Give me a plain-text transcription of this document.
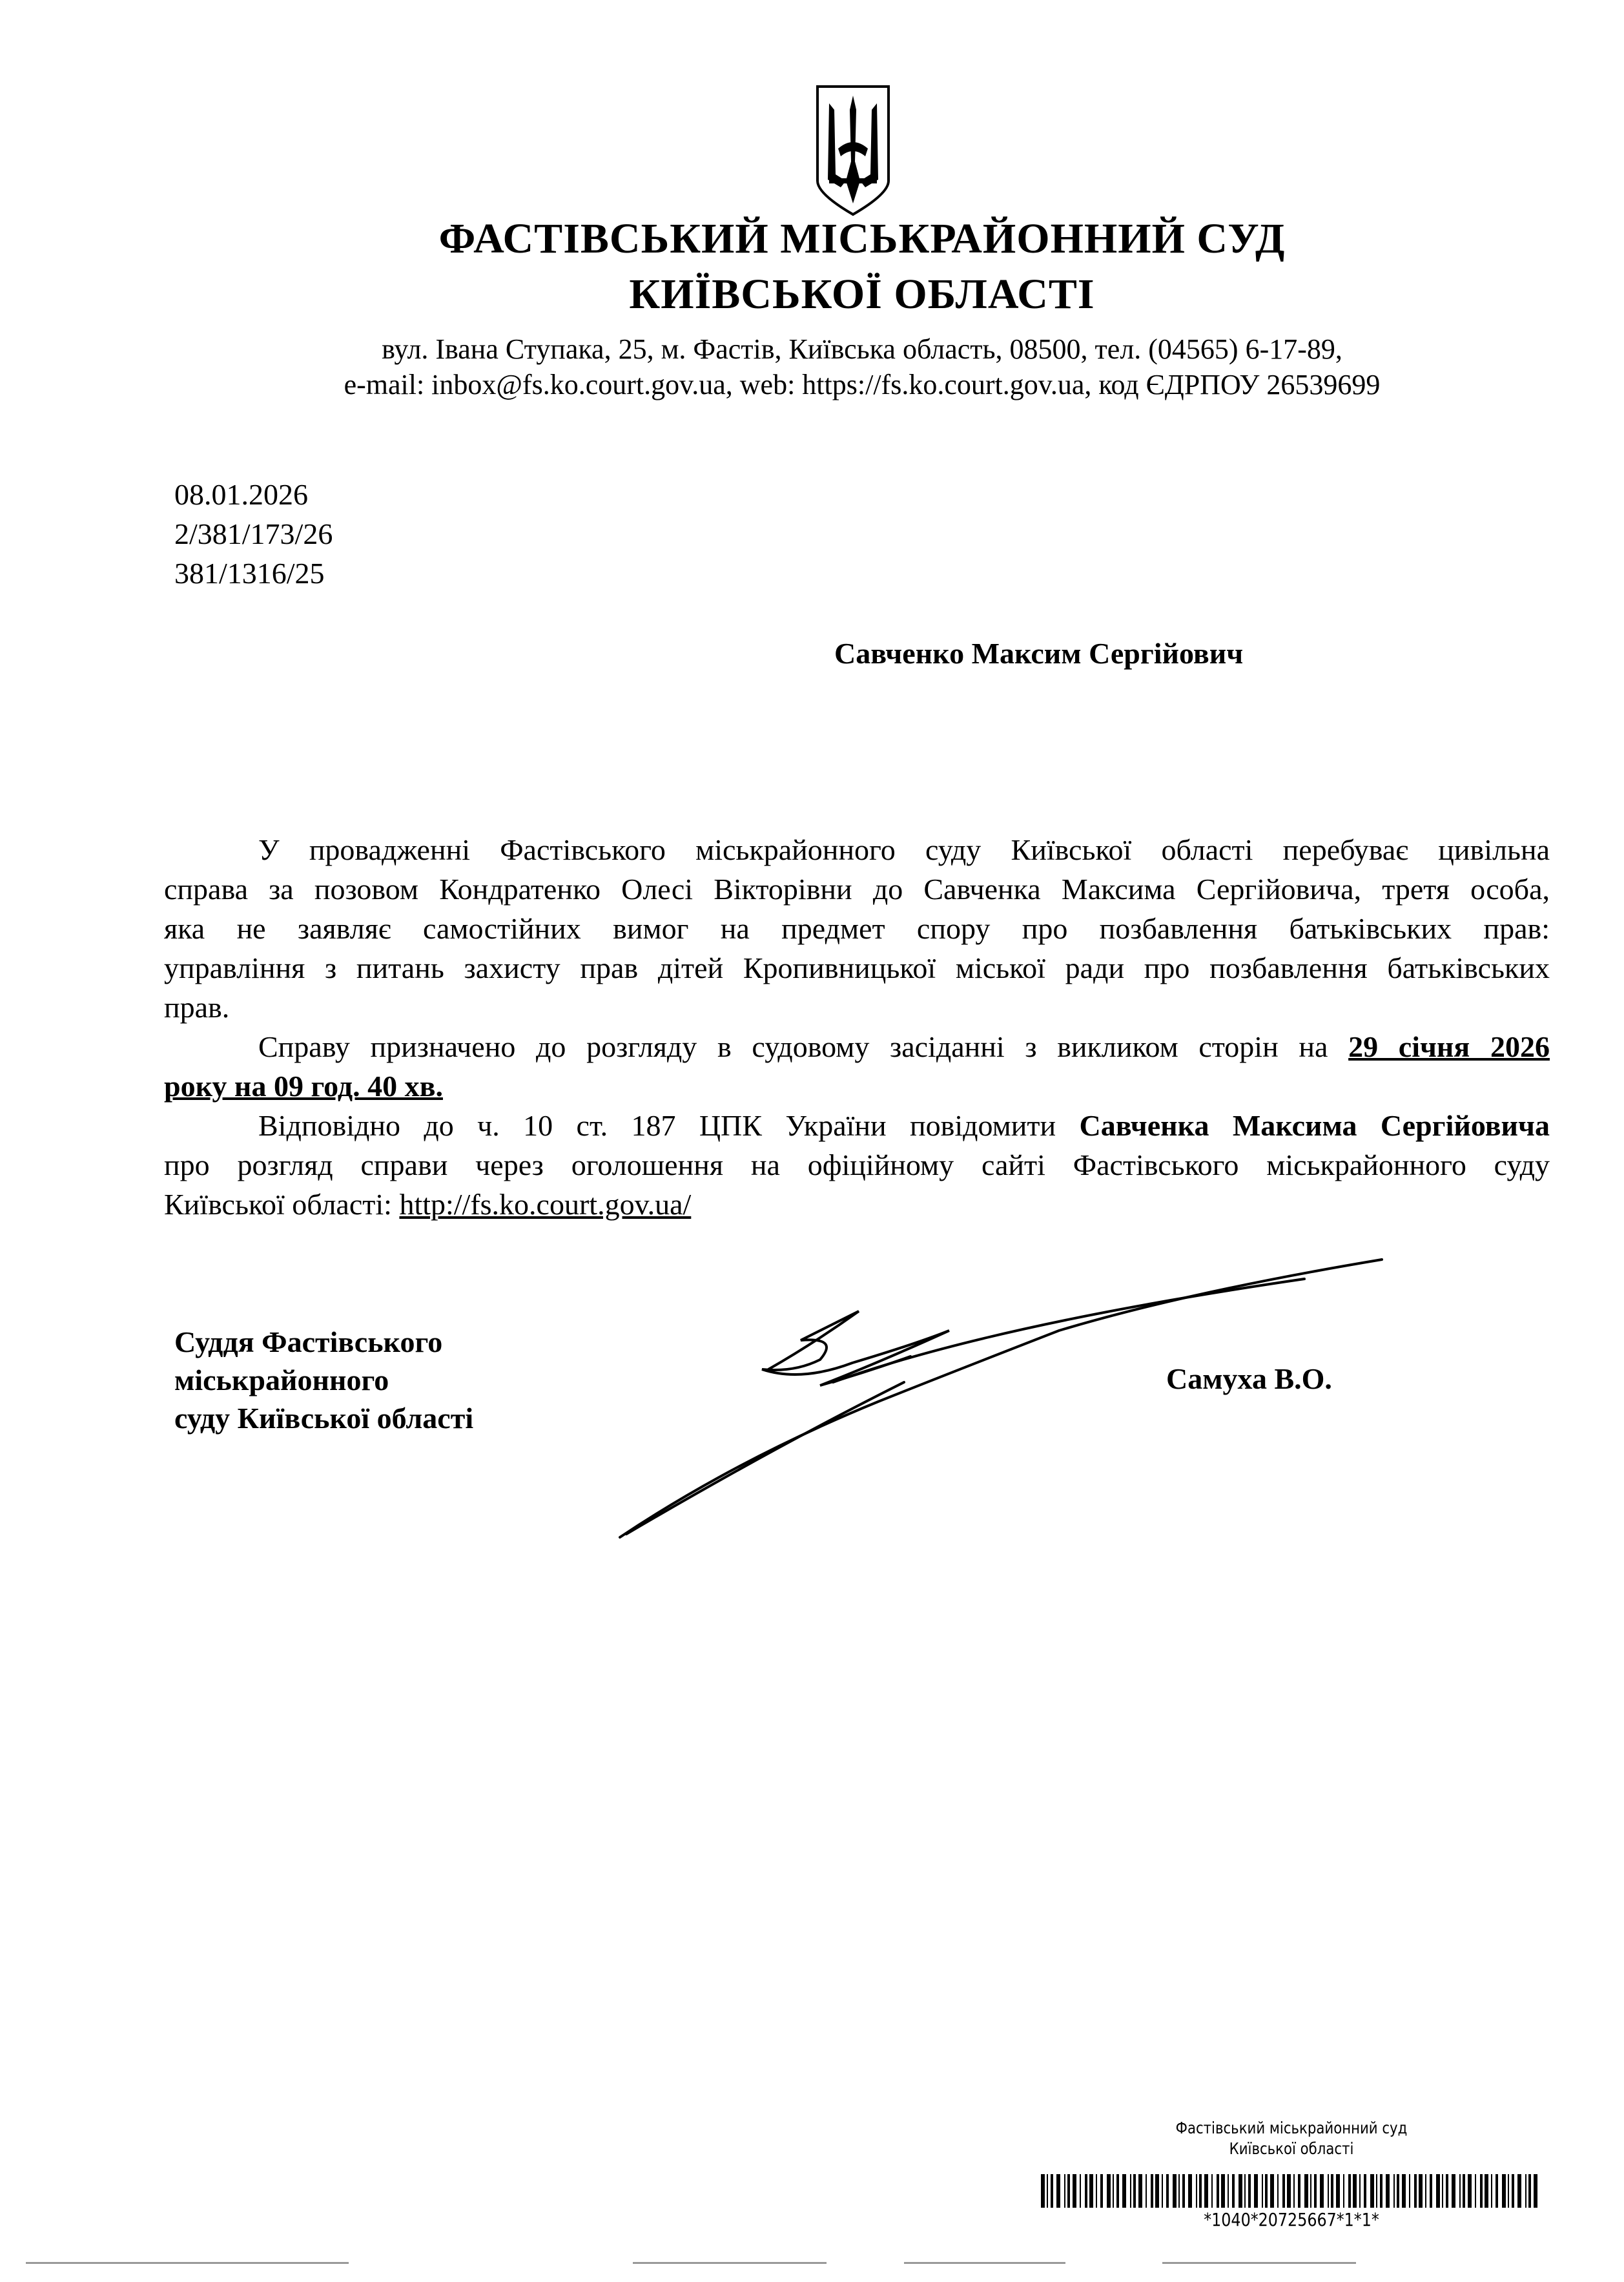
ФАСТІВСЬКИЙ МІСЬКРАЙОННИЙ СУД
КИЇВСЬКОЇ ОБЛАСТІ
вул. Івана Ступака, 25, м. Фастів, Київська область, 08500, тел. (04565) 6-17-89,
e-mail: inbox@fs.ko.court.gov.ua, web: https://fs.ko.court.gov.ua, код ЄДРПОУ 26539699
08.01.2026
2/381/173/26
381/1316/25
Савченко Максим Сергійович
У провадженні Фастівського міськрайонного суду Київської області перебуває цивільна
справа за позовом Кондратенко Олесі Вікторівни до Савченка Максима Сергійовича, третя особа,
яка не заявляє самостійних вимог на предмет спору про позбавлення батьківських прав:
управління з питань захисту прав дітей Кропивницької міської ради про позбавлення батьківських
прав.
Справу призначено до розгляду в судовому засіданні з викликом сторін на 29 січня 2026
року на 09 год. 40 хв.
Відповідно до ч. 10 ст. 187 ЦПК України повідомити Савченка Максима Сергійовича
про розгляд справи через оголошення на офіційному сайті Фастівського міськрайонного суду
Київської області: http://fs.ko.court.gov.ua/
Суддя Фастівського
міськрайонного
суду Київської області
Самуха В.О.
Фастівський міськрайонний суд
Київської області
*1040*20725667*1*1*
